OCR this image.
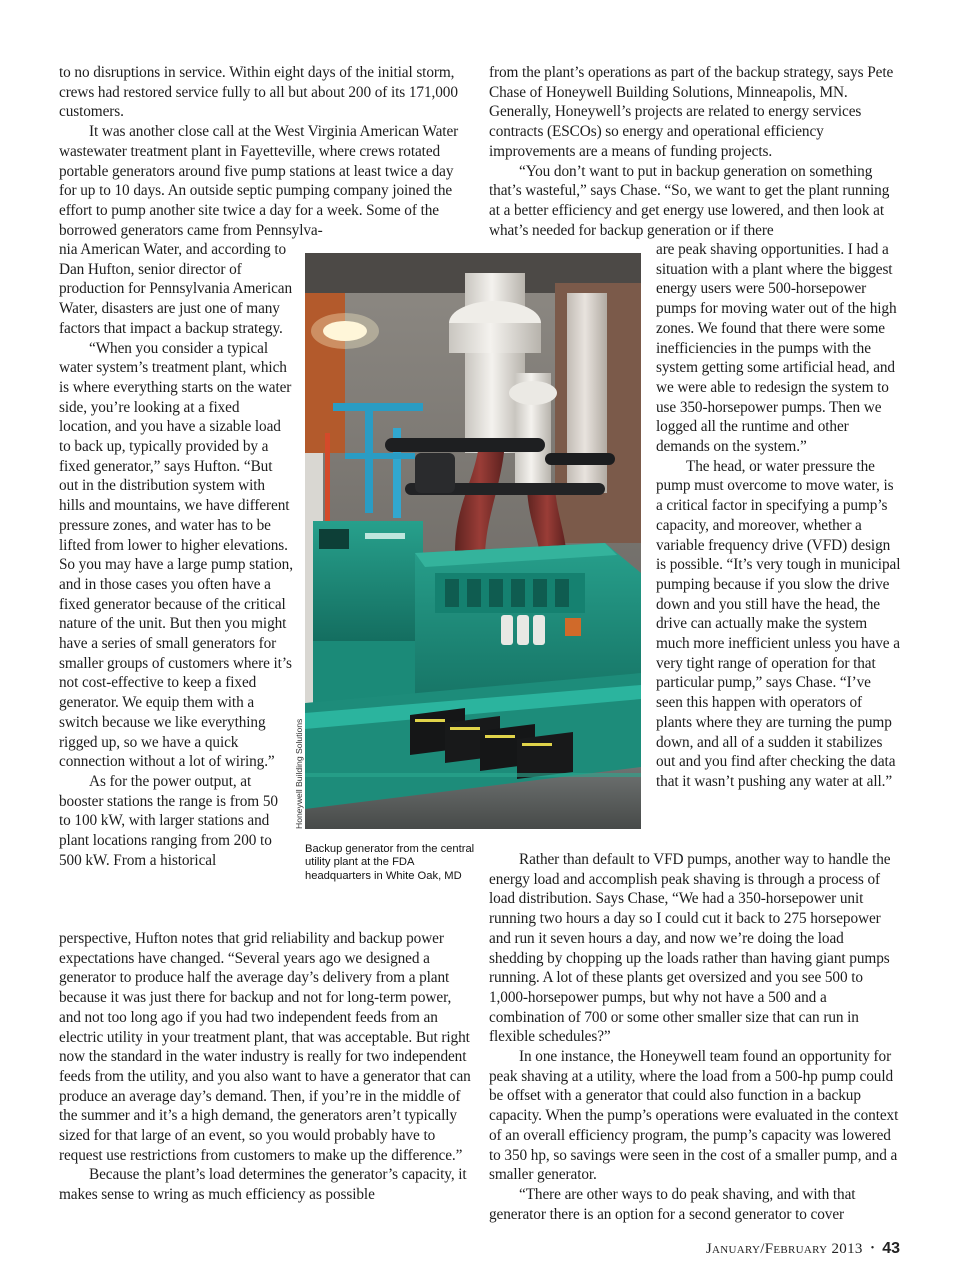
to no disruptions in service. Within eight days of the initial storm, crews had restored service fully to all but about 200 of its 171,000 customers.

It was another close call at the West Virginia American Water wastewater treatment plant in Fayetteville, where crews rotated portable generators around five pump stations at least twice a day for up to 10 days. An outside septic pumping company joined the effort to pump another site twice a day for a week. Some of the borrowed generators came from Pennsylva-

nia American Water, and according to Dan Hufton, senior director of production for Pennsylvania American Water, disasters are just one of many factors that impact a backup strategy.

“When you consider a typical water system’s treatment plant, which is where everything starts on the water side, you’re looking at a fixed location, and you have a sizable load to back up, typically provided by a fixed generator,” says Hufton. “But out in the distribution system with hills and mountains, we have different pressure zones, and water has to be lifted from lower to higher elevations. So you may have a large pump station, and in those cases you often have a fixed generator because of the critical nature of the unit. But then you might have a series of small generators for smaller groups of customers where it’s not cost-effective to keep a fixed generator. We equip them with a switch because we like everything rigged up, so we have a quick connection without a lot of wiring.”

As for the power output, at booster stations the range is from 50 to 100 kW, with larger stations and plant locations ranging from 200 to 500 kW. From a historical

perspective, Hufton notes that grid reliability and backup power expectations have changed. “Several years ago we designed a generator to produce half the average day’s delivery from a plant because it was just there for backup and not for long-term power, and not too long ago if you had two independent feeds from an electric utility in your treatment plant, that was acceptable. But right now the standard in the water industry is really for two independent feeds from the utility, and you also want to have a generator that can produce an average day’s demand. Then, if you’re in the middle of the summer and it’s a high demand, the generators aren’t typically sized for that large of an event, so you would probably have to request use restrictions from customers to make up the difference.”

Because the plant’s load determines the generator’s capacity, it makes sense to wring as much efficiency as possible

from the plant’s operations as part of the backup strategy, says Pete Chase of Honeywell Building Solutions, Minneapolis, MN. Generally, Honeywell’s projects are related to energy services contracts (ESCOs) so energy and operational efficiency improvements are a means of funding projects.

“You don’t want to put in backup generation on something that’s wasteful,” says Chase. “So, we want to get the plant running at a better efficiency and get energy use lowered, and then look at what’s needed for backup generation or if there

are peak shaving opportunities. I had a situation with a plant where the biggest energy users were 500-horsepower pumps for moving water out of the high zones. We found that there were some inefficiencies in the pumps with the system getting some artificial head, and we were able to redesign the system to use 350-horsepower pumps. Then we logged all the runtime and other demands on the system.”

The head, or water pressure the pump must overcome to move water, is a critical factor in specifying a pump’s capacity, and moreover, whether a variable frequency drive (VFD) design is possible. “It’s very tough in municipal pumping because if you slow the drive down and you still have the head, the drive can actually make the system much more inefficient unless you have a very tight range of operation for that particular pump,” says Chase. “I’ve seen this happen with operators of plants where they are turning the pump down, and all of a sudden it stabilizes out and you find after checking the data that it wasn’t pushing any water at all.”

Rather than default to VFD pumps, another way to handle the energy load and accomplish peak shaving is through a process of load distribution. Says Chase, “We had a 350-horsepower unit running two hours a day so I could cut it back to 275 horsepower and run it seven hours a day, and now we’re doing the load shedding by chopping up the loads rather than having giant pumps running. A lot of these plants get oversized and you see 500 to 1,000-horsepower pumps, but why not have a 500 and a combination of 700 or some other smaller size that can run in flexible schedules?”

In one instance, the Honeywell team found an opportunity for peak shaving at a utility, where the load from a 500-hp pump could be offset with a generator that could also function in a backup capacity. When the pump’s operations were evaluated in the context of an overall efficiency program, the pump’s capacity was lowered to 350 hp, so savings were seen in the cost of a smaller pump, and a smaller generator.

“There are other ways to do peak shaving, and with that generator there is an option for a second generator to cover

Honeywell Building Solutions
Backup generator from the central utility plant at the FDA headquarters in White Oak, MD
January/February 2013 • 43
